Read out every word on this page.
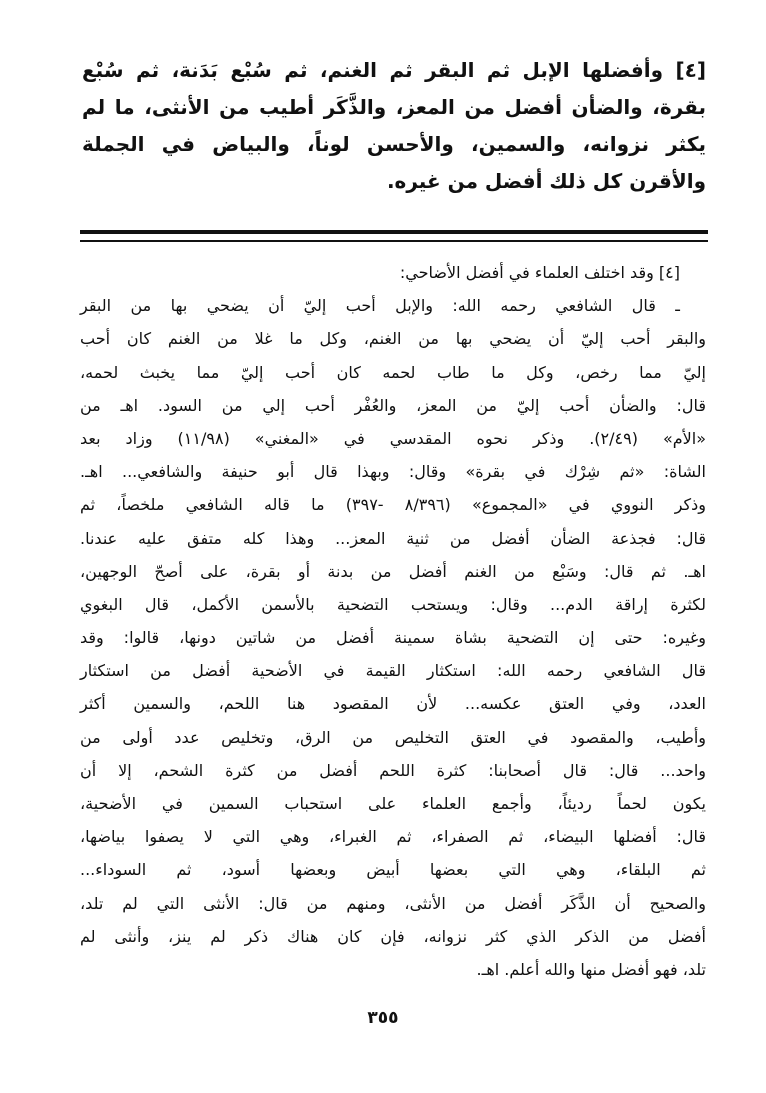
[٤] وأفضلها الإبل ثم البقر ثم الغنم، ثم سُبْع بَدَنة، ثم سُبْع
بقرة، والضأن أفضل من المعز، والذَّكَر أطيب من الأنثى، ما لم
يكثر نزوانه، والسمين، والأحسن لوناً، والبياض في الجملة
والأقرن كل ذلك أفضل من غيره.
[٤] وقد اختلف العلماء في أفضل الأضاحي:
ـ قال الشافعي رحمه الله: والإبل أحب إليّ أن يضحي بها من البقر
والبقر أحب إليّ أن يضحي بها من الغنم، وكل ما غلا من الغنم كان أحب
إليّ مما رخص، وكل ما طاب لحمه كان أحب إليّ مما يخبث لحمه،
قال: والضأن أحب إليّ من المعز، والعُفْر أحب إلي من السود. اهـ من
«الأم» (٢/٤٩). وذكر نحوه المقدسي في «المغني» (١١/٩٨) وزاد بعد
الشاة: «ثم شِرْك في بقرة» وقال: وبهذا قال أبو حنيفة والشافعي... اهـ.
وذكر النووي في «المجموع» (٨/٣٩٦ -٣٩٧) ما قاله الشافعي ملخصاً، ثم
قال: فجذعة الضأن أفضل من ثنية المعز... وهذا كله متفق عليه عندنا.
اهـ. ثم قال: وسَبْع من الغنم أفضل من بدنة أو بقرة، على أصحّ الوجهين،
لكثرة إراقة الدم... وقال: ويستحب التضحية بالأسمن الأكمل، قال البغوي
وغيره: حتى إن التضحية بشاة سمينة أفضل من شاتين دونها، قالوا: وقد
قال الشافعي رحمه الله: استكثار القيمة في الأضحية أفضل من استكثار
العدد، وفي العتق عكسه... لأن المقصود هنا اللحم، والسمين أكثر
وأطيب، والمقصود في العتق التخليص من الرق، وتخليص عدد أولى من
واحد... قال: قال أصحابنا: كثرة اللحم أفضل من كثرة الشحم، إلا أن
يكون لحماً رديئاً، وأجمع العلماء على استحباب السمين في الأضحية،
قال: أفضلها البيضاء، ثم الصفراء، ثم الغبراء، وهي التي لا يصفوا بياضها،
ثم البلقاء، وهي التي بعضها أبيض وبعضها أسود، ثم السوداء...
والصحيح أن الذَّكَر أفضل من الأنثى، ومنهم من قال: الأنثى التي لم تلد،
أفضل من الذكر الذي كثر نزوانه، فإن كان هناك ذكر لم ينز، وأنثى لم
تلد، فهو أفضل منها والله أعلم. اهـ.
٣٥٥
